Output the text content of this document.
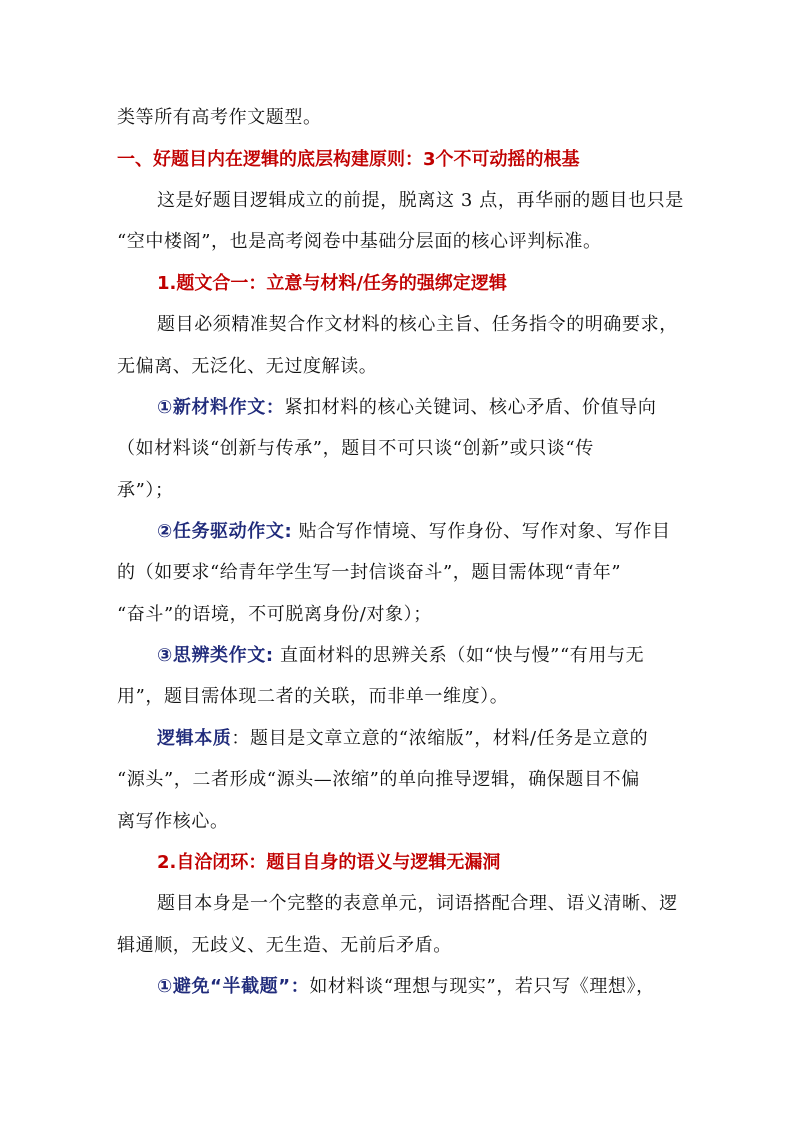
类等所有高考作文题型。
一、好题目内在逻辑的底层构建原则：3个不可动摇的根基
这是好题目逻辑成立的前提，脱离这 3 点，再华丽的题目也只是
“空中楼阁”，也是高考阅卷中基础分层面的核心评判标准。
1.题文合一：立意与材料/任务的强绑定逻辑
题目必须精准契合作文材料的核心主旨、任务指令的明确要求，
无偏离、无泛化、无过度解读。
①新材料作文：紧扣材料的核心关键词、核心矛盾、价值导向
（如材料谈“创新与传承”，题目不可只谈“创新”或只谈“传
承”）；
②任务驱动作文: 贴合写作情境、写作身份、写作对象、写作目
的（如要求“给青年学生写一封信谈奋斗”，题目需体现“青年”
“奋斗”的语境，不可脱离身份/对象）；
③思辨类作文: 直面材料的思辨关系（如“快与慢”“有用与无
用”，题目需体现二者的关联，而非单一维度）。
逻辑本质：题目是文章立意的“浓缩版”，材料/任务是立意的
“源头”，二者形成“源头—浓缩”的单向推导逻辑，确保题目不偏
离写作核心。
2.自洽闭环：题目自身的语义与逻辑无漏洞
题目本身是一个完整的表意单元，词语搭配合理、语义清晰、逻
辑通顺，无歧义、无生造、无前后矛盾。
①避免“半截题”：如材料谈“理想与现实”，若只写《理想》，
